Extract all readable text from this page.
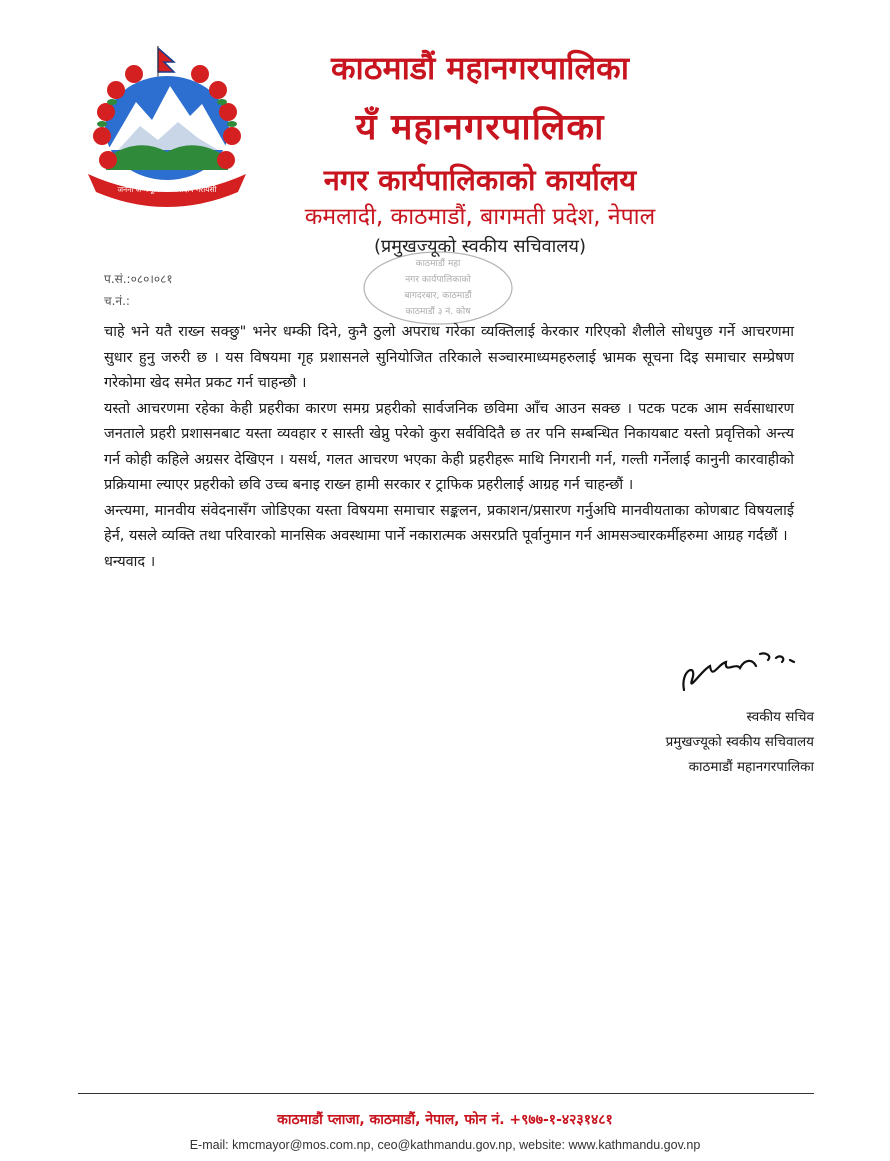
जननी जन्मभूमिश्च स्वर्गादपि गरीयसी
काठमाडौं महानगरपालिका
यँ महानगरपालिका
नगर कार्यपालिकाको कार्यालय
कमलादी, काठमाडौं, बागमती प्रदेश, नेपाल
(प्रमुखज्यूको स्वकीय सचिवालय)
काठमाडौं महा
नगर कार्यपालिकाको
बागदरबार, काठमाडौं
काठमाडौं ३ नं. कोष
प.सं.:०८०।०८१
च.नं.:

चाहे भने यतै राख्न सक्छु" भनेर धम्की दिने, कुनै ठुलो अपराध गरेका व्यक्तिलाई केरकार गरिएको शैलीले सोधपुछ गर्ने आचरणमा सुधार हुनु जरुरी छ । यस विषयमा गृह प्रशासनले सुनियोजित तरिकाले सञ्चारमाध्यमहरुलाई भ्रामक सूचना दिइ समाचार सम्प्रेषण गरेकोमा खेद समेत प्रकट गर्न चाहन्छौ ।

यस्तो आचरणमा रहेका केही प्रहरीका कारण समग्र प्रहरीको सार्वजनिक छविमा आँच आउन सक्छ । पटक पटक आम सर्वसाधारण जनताले प्रहरी प्रशासनबाट यस्ता व्यवहार र सास्ती खेप्नु परेको कुरा सर्वविदितै छ तर पनि सम्बन्धित निकायबाट यस्तो प्रवृत्तिको अन्त्य गर्न कोही कहिले अग्रसर देखिएन । यसर्थ, गलत आचरण भएका केही प्रहरीहरू माथि निगरानी गर्न, गल्ती गर्नेलाई कानुनी कारवाहीको प्रक्रियामा ल्याएर प्रहरीको छवि उच्च बनाइ राख्न हामी सरकार र ट्राफिक प्रहरीलाई आग्रह गर्न चाहन्छौं ।

अन्त्यमा, मानवीय संवेदनासँग जोडिएका यस्ता विषयमा समाचार सङ्कलन, प्रकाशन/प्रसारण गर्नुअघि मानवीयताका कोणबाट विषयलाई हेर्न, यसले व्यक्ति तथा परिवारको मानसिक अवस्थामा पार्ने नकारात्मक असरप्रति पूर्वानुमान गर्न आमसञ्चारकर्मीहरुमा आग्रह गर्दछौं ।

धन्यवाद ।

स्वकीय सचिव
प्रमुखज्यूको स्वकीय सचिवालय
काठमाडौं महानगरपालिका
काठमाडौं प्लाजा, काठमाडौं, नेपाल, फोन नं. +९७७-१-४२३१४८१
E-mail: kmcmayor@mos.com.np, ceo@kathmandu.gov.np, website: www.kathmandu.gov.np
